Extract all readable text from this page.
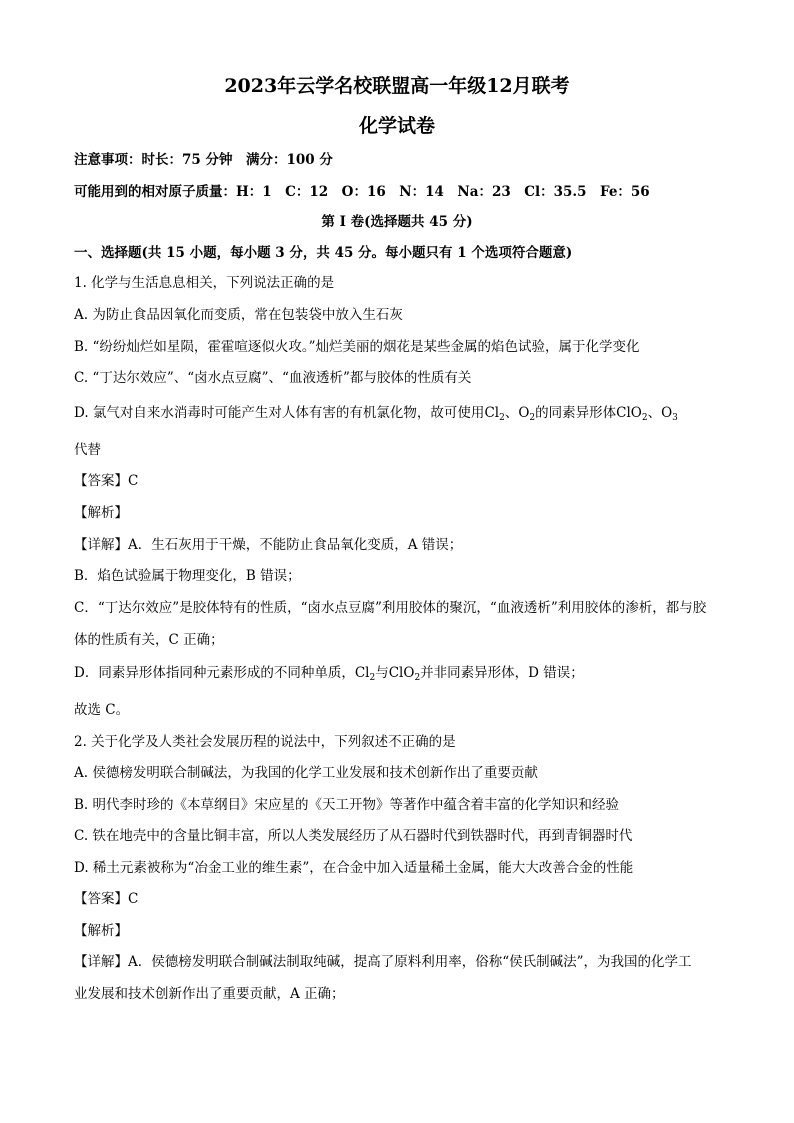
2023年云学名校联盟高一年级12月联考
化学试卷
注意事项：时长：75 分钟　满分：100 分
可能用到的相对原子质量：H：1　C：12　O：16　N：14　Na：23　Cl：35.5　Fe：56
第 I 卷(选择题共 45 分)
一、选择题(共 15 小题，每小题 3 分，共 45 分。每小题只有 1 个选项符合题意)
1. 化学与生活息息相关，下列说法正确的是
A. 为防止食品因氧化而变质，常在包装袋中放入生石灰
B. “纷纷灿烂如星陨，霍霍喧逐似火攻。”灿烂美丽的烟花是某些金属的焰色试验，属于化学变化
C. “丁达尔效应”、“卤水点豆腐”、“血液透析”都与胶体的性质有关
D. 氯气对自来水消毒时可能产生对人体有害的有机氯化物，故可使用$Cl_2$、$O_2$的同素异形体ClO$_2$、$O_3$
代替
【答案】C
【解析】
【详解】A．生石灰用于干燥，不能防止食品氧化变质，A 错误；
B．焰色试验属于物理变化，B 错误；
C．“丁达尔效应”是胶体特有的性质，“卤水点豆腐”利用胶体的聚沉，“血液透析”利用胶体的渗析，都与胶
体的性质有关，C 正确；
D．同素异形体指同种元素形成的不同种单质，$Cl_2$与ClO$_2$并非同素异形体，D 错误；
故选 C。
2. 关于化学及人类社会发展历程的说法中，下列叙述不正确的是
A. 侯德榜发明联合制碱法，为我国的化学工业发展和技术创新作出了重要贡献
B. 明代李时珍的《本草纲目》宋应星的《天工开物》等著作中蕴含着丰富的化学知识和经验
C. 铁在地壳中的含量比铜丰富，所以人类发展经历了从石器时代到铁器时代，再到青铜器时代
D. 稀土元素被称为“冶金工业的维生素”，在合金中加入适量稀土金属，能大大改善合金的性能
【答案】C
【解析】
【详解】A．侯德榜发明联合制碱法制取纯碱，提高了原料利用率，俗称“侯氏制碱法”，为我国的化学工
业发展和技术创新作出了重要贡献，A 正确；
